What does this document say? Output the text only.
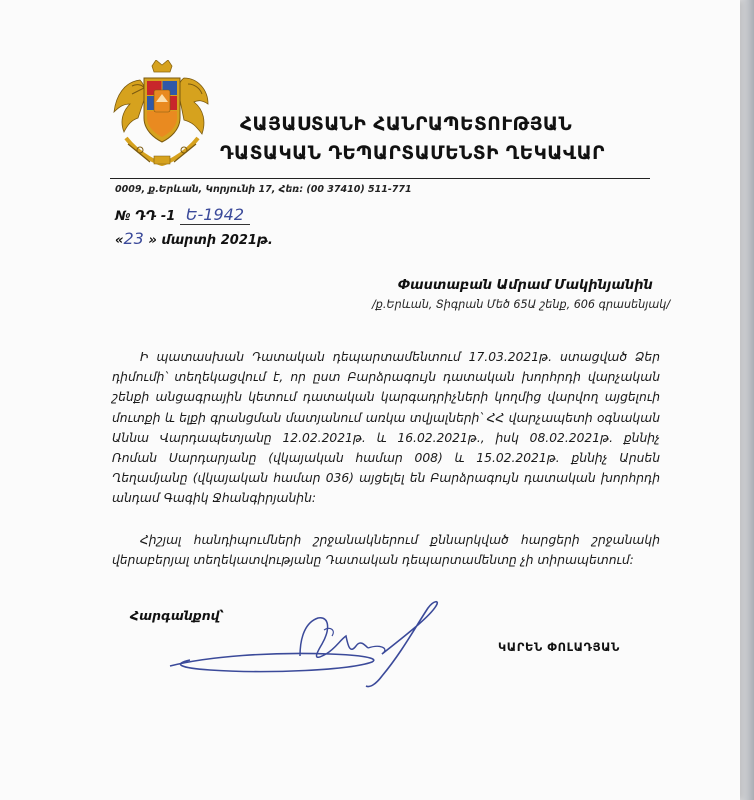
ՀԱՅԱՍՏԱՆԻ ՀԱՆՐԱՊԵՏՈՒԹՅԱՆ
ԴԱՏԱԿԱՆ ԴԵՊԱՐՏԱՄԵՆՏԻ ՂԵԿԱՎԱՐ
0009, ք.Երևան, Կորյունի 17, Հեռ: (00 37410) 511-771
№ ԴԴ -1 Ե-1942
«23 » մարտի 2021թ.
Փաստաբան Ամրամ Մակինյանին
/ք.Երևան, Տիգրան Մեծ 65Ա շենք, 606 գրասենյակ/
Ի պատասխան Դատական դեպարտամենտում 17.03.2021թ. ստացված Ձեր դիմումի՝ տեղեկացվում է, որ ըստ Բարձրագույն դատական խորհրդի վարչական շենքի անցագրային կետում դատական կարգադրիչների կողմից վարվող այցելուի մուտքի և ելքի գրանցման մատյանում առկա տվյալների՝ ՀՀ վարչապետի օգնական Աննա Վարդապետյանը 12.02.2021թ. և 16.02.2021թ., իսկ 08.02.2021թ. քննիչ Ռոման Սարդարյանը (վկայական համար 008) և 15.02.2021թ. քննիչ Արսեն Ղեղամյանը (վկայական համար 036) այցելել են Բարձրագույն դատական խորհրդի անդամ Գագիկ Ջհանգիրյանին:
Հիշյալ հանդիպումների շրջանակներում քննարկված հարցերի շրջանակի վերաբերյալ տեղեկատվությանը Դատական դեպարտամենտը չի տիրապետում:
Հարգանքով՝
ԿԱՐԵՆ ՓՈԼԱԴՅԱՆ
